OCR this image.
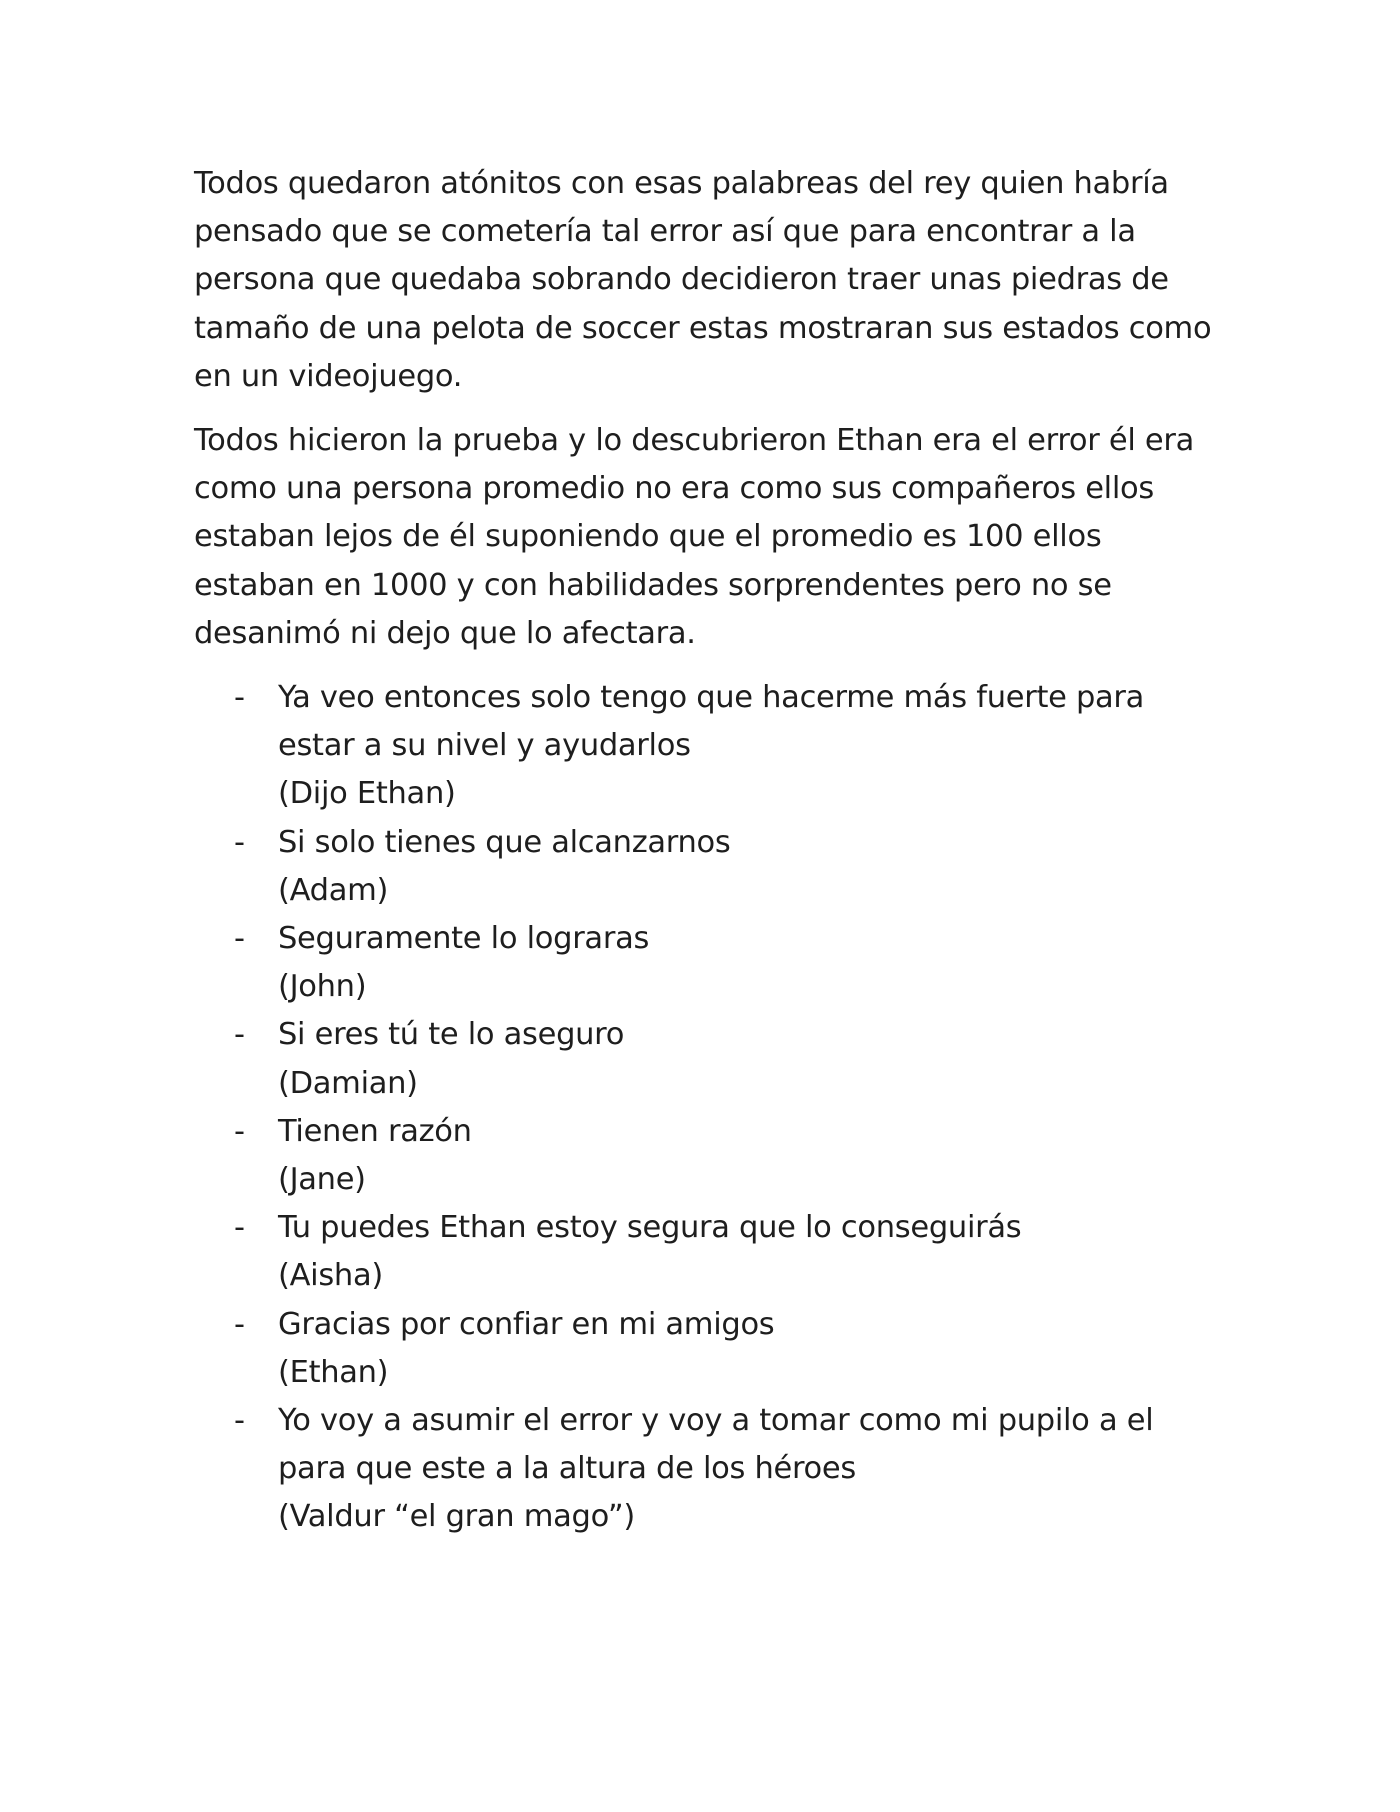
Todos quedaron atónitos con esas palabreas del rey quien habría pensado que se cometería tal error así que para encontrar a la persona que quedaba sobrando decidieron traer unas piedras de tamaño de una pelota de soccer estas mostraran sus estados como en un videojuego.

Todos hicieron la prueba y lo descubrieron Ethan era el error él era como una persona promedio no era como sus compañeros ellos estaban lejos de él suponiendo que el promedio es 100 ellos estaban en 1000 y con habilidades sorprendentes pero no se desanimó ni dejo que lo afectara.

- Ya veo entonces solo tengo que hacerme más fuerte para estar a su nivel y ayudarlos
(Dijo Ethan)
- Si solo tienes que alcanzarnos
(Adam)
- Seguramente lo lograras
(John)
- Si eres tú te lo aseguro
(Damian)
- Tienen razón
(Jane)
- Tu puedes Ethan estoy segura que lo conseguirás
(Aisha)
- Gracias por confiar en mi amigos
(Ethan)
- Yo voy a asumir el error y voy a tomar como mi pupilo a el para que este a la altura de los héroes
(Valdur “el gran mago”)
